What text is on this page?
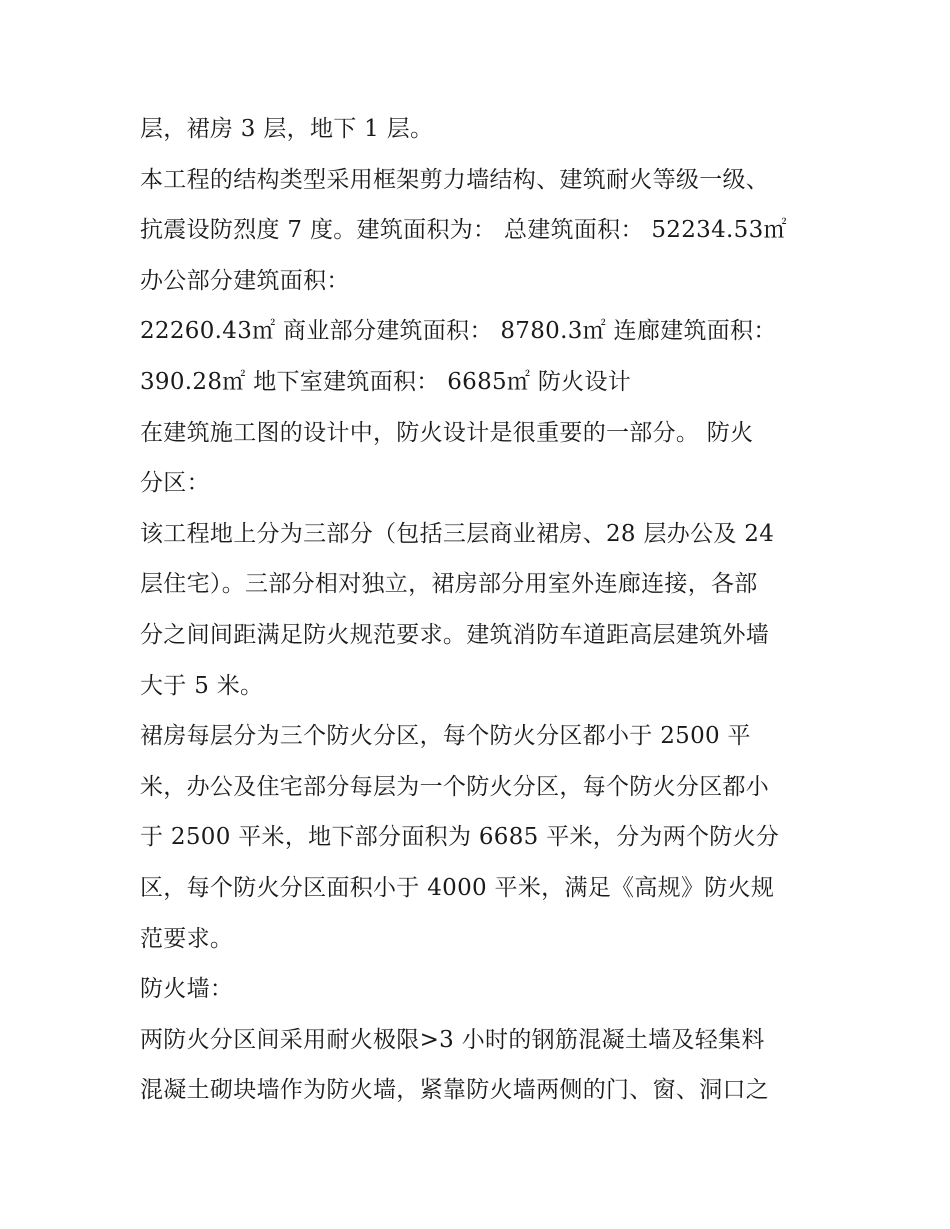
层，裙房 3 层，地下 1 层。
本工程的结构类型采用框架剪力墙结构、建筑耐火等级一级、
抗震设防烈度 7 度。建筑面积为： 总建筑面积： 52234.53㎡
办公部分建筑面积：
22260.43㎡ 商业部分建筑面积： 8780.3㎡ 连廊建筑面积：
390.28㎡ 地下室建筑面积： 6685㎡ 防火设计
在建筑施工图的设计中，防火设计是很重要的一部分。 防火
分区：
该工程地上分为三部分（包括三层商业裙房、28 层办公及 24
层住宅）。三部分相对独立，裙房部分用室外连廊连接，各部
分之间间距满足防火规范要求。建筑消防车道距高层建筑外墙
大于 5 米。
裙房每层分为三个防火分区，每个防火分区都小于 2500 平
米，办公及住宅部分每层为一个防火分区，每个防火分区都小
于 2500 平米，地下部分面积为 6685 平米，分为两个防火分
区，每个防火分区面积小于 4000 平米，满足《高规》防火规
范要求。
防火墙：
两防火分区间采用耐火极限>3 小时的钢筋混凝土墙及轻集料
混凝土砌块墙作为防火墙，紧靠防火墙两侧的门、窗、洞口之
